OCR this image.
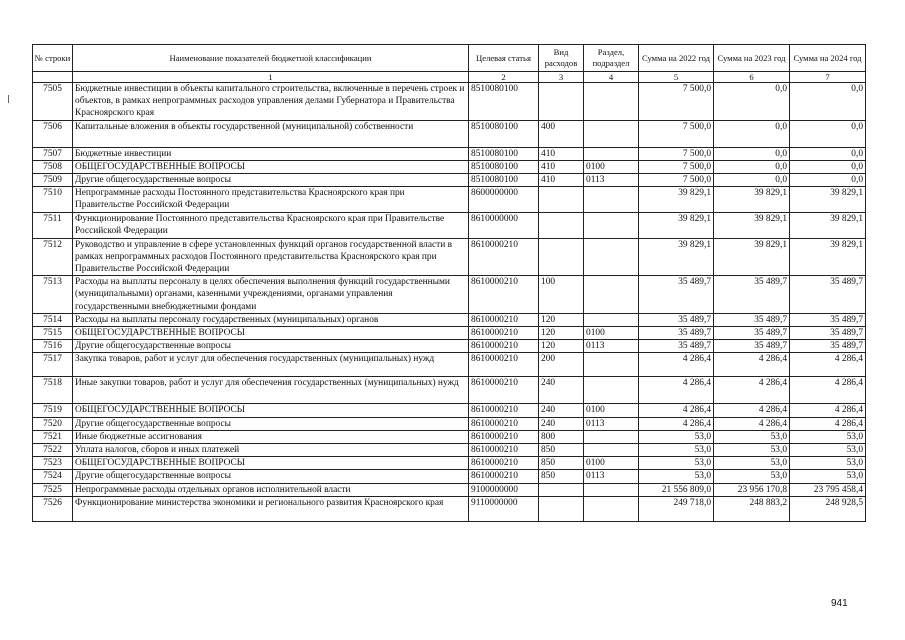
№ строки	Наименование показателей бюджетной классификации	Целевая статья	Вид расходов	Раздел, подраздел	Сумма на 2022 год	Сумма на 2023 год	Сумма на 2024 год
	1	2	3	4	5	6	7
7505	Бюджетные инвестиции в объекты капитального строительства, включенные в перечень строек и объектов, в рамках непрограммных расходов управления делами Губернатора и Правительства Красноярского края	8510080100			7 500,0	0,0	0,0
7506	Капитальные вложения в объекты государственной (муниципальной) собственности	8510080100	400		7 500,0	0,0	0,0
7507	Бюджетные инвестиции	8510080100	410		7 500,0	0,0	0,0
7508	ОБЩЕГОСУДАРСТВЕННЫЕ ВОПРОСЫ	8510080100	410	0100	7 500,0	0,0	0,0
7509	Другие общегосударственные вопросы	8510080100	410	0113	7 500,0	0,0	0,0
7510	Непрограммные расходы Постоянного представительства Красноярского края при Правительстве Российской Федерации	8600000000			39 829,1	39 829,1	39 829,1
7511	Функционирование Постоянного представительства Красноярского края при Правительстве Российской Федерации	8610000000			39 829,1	39 829,1	39 829,1
7512	Руководство и управление в сфере установленных функций органов государственной власти в рамках непрограммных расходов Постоянного представительства Красноярского края при Правительстве Российской Федерации	8610000210			39 829,1	39 829,1	39 829,1
7513	Расходы на выплаты персоналу в целях обеспечения выполнения функций государственными (муниципальными) органами, казенными учреждениями, органами управления государственными внебюджетными фондами	8610000210	100		35 489,7	35 489,7	35 489,7
7514	Расходы на выплаты персоналу государственных (муниципальных) органов	8610000210	120		35 489,7	35 489,7	35 489,7
7515	ОБЩЕГОСУДАРСТВЕННЫЕ ВОПРОСЫ	8610000210	120	0100	35 489,7	35 489,7	35 489,7
7516	Другие общегосударственные вопросы	8610000210	120	0113	35 489,7	35 489,7	35 489,7
7517	Закупка товаров, работ и услуг для обеспечения государственных (муниципальных) нужд	8610000210	200		4 286,4	4 286,4	4 286,4
7518	Иные закупки товаров, работ и услуг для обеспечения государственных (муниципальных) нужд	8610000210	240		4 286,4	4 286,4	4 286,4
7519	ОБЩЕГОСУДАРСТВЕННЫЕ ВОПРОСЫ	8610000210	240	0100	4 286,4	4 286,4	4 286,4
7520	Другие общегосударственные вопросы	8610000210	240	0113	4 286,4	4 286,4	4 286,4
7521	Иные бюджетные ассигнования	8610000210	800		53,0	53,0	53,0
7522	Уплата налогов, сборов и иных платежей	8610000210	850		53,0	53,0	53,0
7523	ОБЩЕГОСУДАРСТВЕННЫЕ ВОПРОСЫ	8610000210	850	0100	53,0	53,0	53,0
7524	Другие общегосударственные вопросы	8610000210	850	0113	53,0	53,0	53,0
7525	Непрограммные расходы отдельных органов исполнительной власти	9100000000			21 556 809,0	23 956 170,8	23 795 458,4
7526	Функционирование министерства экономики и регионального развития Красноярского края	9110000000			249 718,0	248 883,2	248 928,5
941
